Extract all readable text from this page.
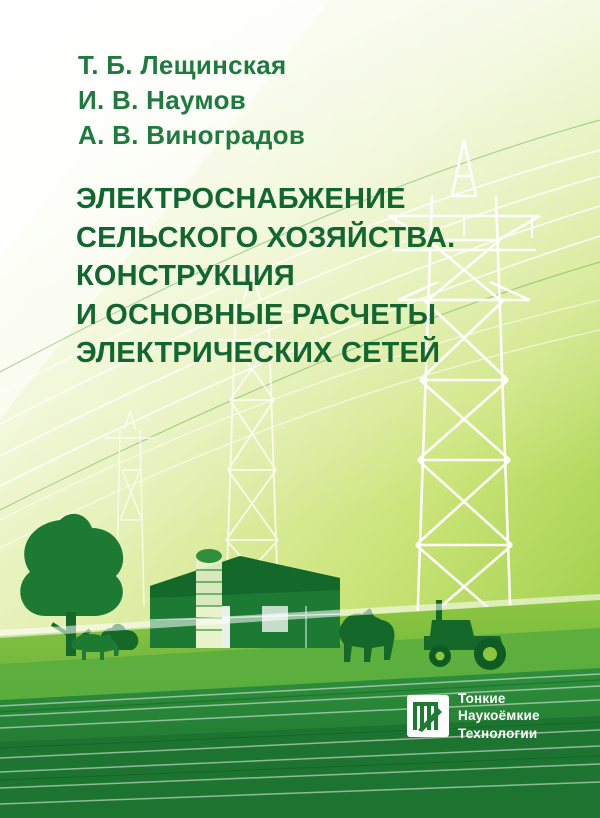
Т. Б. Лещинская
И. В. Наумов
А. В. Виноградов
ЭЛЕКТРОСНАБЖЕНИЕ
СЕЛЬСКОГО ХОЗЯЙСТВА.
КОНСТРУКЦИЯ
И ОСНОВНЫЕ РАСЧЕТЫ
ЭЛЕКТРИЧЕСКИХ СЕТЕЙ
Тонкие
Наукоёмкие
Технологии
